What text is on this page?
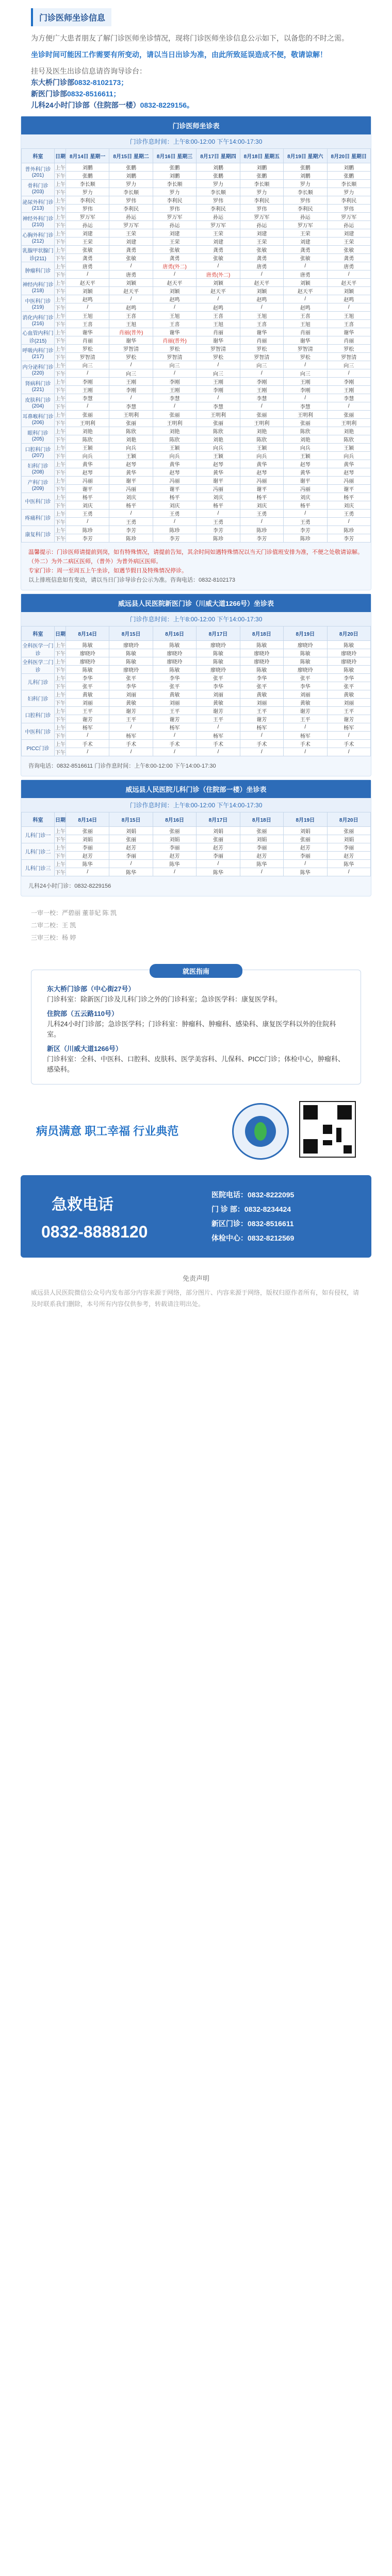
门诊医师坐诊信息

为方便广大患者朋友了解门诊医师坐诊情况，现将门诊医师坐诊信息公示如下，以备您的不时之需。

坐诊时间可能因工作需要有所变动，请以当日出诊为准，由此所致延误造成不便，敬请谅解！

挂号及医生出诊信息请咨询导诊台：

东大桥门诊部0832-8102173；
新医门诊部0832-8516611；
儿科24小时门诊部（住院部一楼）0832-8229156。
门诊医师坐诊表
门诊作息时间：上午8:00-12:00 下午14:00-17:30
科室	日期	8月14日 星期一	8月15日 星期二	8月16日 星期三	8月17日 星期四	8月18日 星期五	8月19日 星期六	8月20日 星期日
普外科门诊(201)	上午	刘鹏	张鹏	张鹏	刘鹏	刘鹏	张鹏	刘鹏
	下午	张鹏	刘鹏	刘鹏	张鹏	张鹏	刘鹏	张鹏
骨科门诊(203)	上午	李长顺	罗力	李长顺	罗力	李长顺	罗力	李长顺
	下午	罗力	李长顺	罗力	李长顺	罗力	李长顺	罗力
泌尿外科门诊(213)	上午	李利民	罗伟	李利民	罗伟	李利民	罗伟	李利民
	下午	罗伟	李利民	罗伟	李利民	罗伟	李利民	罗伟
神经外科门诊(210)	上午	罗万军	孙运	罗万军	孙运	罗万军	孙运	罗万军
	下午	孙运	罗万军	孙运	罗万军	孙运	罗万军	孙运
心胸外科门诊(212)	上午	刘建	王荣	刘建	王荣	刘建	王荣	刘建
	下午	王荣	刘建	王荣	刘建	王荣	刘建	王荣
乳腺甲状腺门诊(211)	上午	张敏	龚勇	张敏	龚勇	张敏	龚勇	张敏
	下午	龚勇	张敏	龚勇	张敏	龚勇	张敏	龚勇
肿瘤科门诊	上午	唐勇	/	唐勇(外二)	/	唐勇	/	唐勇
	下午	/	唐勇	/	唐勇(外二)	/	唐勇	/
神经内科门诊(218)	上午	赵天平	刘颖	赵天平	刘颖	赵天平	刘颖	赵天平
	下午	刘颖	赵天平	刘颖	赵天平	刘颖	赵天平	刘颖
中医科门诊(219)	上午	赵鸣	/	赵鸣	/	赵鸣	/	赵鸣
	下午	/	赵鸣	/	赵鸣	/	赵鸣	/
消化内科门诊(216)	上午	王旭	王喜	王旭	王喜	王旭	王喜	王旭
	下午	王喜	王旭	王喜	王旭	王喜	王旭	王喜
心血管内科门诊(215)	上午	谢华	肖丽(普外)	谢华	肖丽	谢华	肖丽	谢华
	下午	肖丽	谢华	肖丽(普外)	谢华	肖丽	谢华	肖丽
呼吸内科门诊(217)	上午	罗松	罗智清	罗松	罗智清	罗松	罗智清	罗松
	下午	罗智清	罗松	罗智清	罗松	罗智清	罗松	罗智清
内分泌科门诊(220)	上午	向三	/	向三	/	向三	/	向三
	下午	/	向三	/	向三	/	向三	/
肾病科门诊(221)	上午	李刚	王刚	李刚	王刚	李刚	王刚	李刚
	下午	王刚	李刚	王刚	李刚	王刚	李刚	王刚
皮肤科门诊(204)	上午	李慧	/	李慧	/	李慧	/	李慧
	下午	/	李慧	/	李慧	/	李慧	/
耳鼻喉科门诊(206)	上午	张丽	王明利	张丽	王明利	张丽	王明利	张丽
	下午	王明利	张丽	王明利	张丽	王明利	张丽	王明利
眼科门诊(205)	上午	刘艳	陈欣	刘艳	陈欣	刘艳	陈欣	刘艳
	下午	陈欣	刘艳	陈欣	刘艳	陈欣	刘艳	陈欣
口腔科门诊(207)	上午	王颖	向兵	王颖	向兵	王颖	向兵	王颖
	下午	向兵	王颖	向兵	王颖	向兵	王颖	向兵
妇科门诊(208)	上午	黄华	赵琴	黄华	赵琴	黄华	赵琴	黄华
	下午	赵琴	黄华	赵琴	黄华	赵琴	黄华	赵琴
产科门诊(209)	上午	冯丽	谢平	冯丽	谢平	冯丽	谢平	冯丽
	下午	谢平	冯丽	谢平	冯丽	谢平	冯丽	谢平
中医科门诊	上午	杨平	刘庆	杨平	刘庆	杨平	刘庆	杨平
	下午	刘庆	杨平	刘庆	杨平	刘庆	杨平	刘庆
疼痛科门诊	上午	王勇	/	王勇	/	王勇	/	王勇
	下午	/	王勇	/	王勇	/	王勇	/
康复科门诊	上午	陈珍	李芳	陈珍	李芳	陈珍	李芳	陈珍
	下午	李芳	陈珍	李芳	陈珍	李芳	陈珍	李芳

温馨提示：门诊医师请提前到岗，如有特殊情况，请提前告知，其余时间如遇特殊情况以当天门诊值班安排为准，不便之处敬请谅解。

（外二）为外二病区医师，（普外）为普外病区医师。

专家门诊：周一至周五上午坐诊，如遇节假日及特殊情况停诊。

以上排班信息如有变动，请以当日门诊导诊台公示为准。咨询电话：0832-8102173

威远县人民医院新医门诊（川威大道1266号）坐诊表
门诊作息时间：上午8:00-12:00 下午14:00-17:30
科室	日期	8月14日	8月15日	8月16日	8月17日	8月18日	8月19日	8月20日
全科医学一门诊	上午	陈敏	廖晓玲	陈敏	廖晓玲	陈敏	廖晓玲	陈敏
	下午	廖晓玲	陈敏	廖晓玲	陈敏	廖晓玲	陈敏	廖晓玲
全科医学二门诊	上午	廖晓玲	陈敏	廖晓玲	陈敏	廖晓玲	陈敏	廖晓玲
	下午	陈敏	廖晓玲	陈敏	廖晓玲	陈敏	廖晓玲	陈敏
儿科门诊	上午	李华	张平	李华	张平	李华	张平	李华
	下午	张平	李华	张平	李华	张平	李华	张平
妇科门诊	上午	黄敏	刘丽	黄敏	刘丽	黄敏	刘丽	黄敏
	下午	刘丽	黄敏	刘丽	黄敏	刘丽	黄敏	刘丽
口腔科门诊	上午	王平	谢芳	王平	谢芳	王平	谢芳	王平
	下午	谢芳	王平	谢芳	王平	谢芳	王平	谢芳
中医科门诊	上午	杨军	/	杨军	/	杨军	/	杨军
	下午	/	杨军	/	杨军	/	杨军	/
PICC门诊	上午	手术	手术	手术	手术	手术	手术	手术
	下午	/	/	/	/	/	/	/

咨询电话：0832-8516611 门诊作息时间：上午8:00-12:00 下午14:00-17:30

威远县人民医院儿科门诊（住院部一楼）坐诊表
门诊作息时间：上午8:00-12:00 下午14:00-17:30
科室	日期	8月14日	8月15日	8月16日	8月17日	8月18日	8月19日	8月20日
儿科门诊一	上午	张丽	刘娟	张丽	刘娟	张丽	刘娟	张丽
	下午	刘娟	张丽	刘娟	张丽	刘娟	张丽	刘娟
儿科门诊二	上午	李丽	赵芳	李丽	赵芳	李丽	赵芳	李丽
	下午	赵芳	李丽	赵芳	李丽	赵芳	李丽	赵芳
儿科门诊三	上午	陈华	/	陈华	/	陈华	/	陈华
	下午	/	陈华	/	陈华	/	陈华	/

儿科24小时门诊：0832-8229156

一审一校：严碧丽 董菲妃 陈 凯

二审二校：王 凯

三审三校：杨 婷

就医指南

东大桥门诊部（中心街27号）

门诊科室：除新医门诊及儿科门诊之外的门诊科室；急诊医学科：康复医学科。

住院部（五云路110号）

儿科24小时门诊部；急诊医学科；门诊科室：肿瘤科、肿瘤科、感染科、康复医学科以外的住院科室。

新区（川威大道1266号）

门诊科室：全科、中医科、口腔科、皮肤科、医学美容科、儿保科、PICC门诊；体检中心，肿瘤科、感染科。

病员满意 职工幸福 行业典范
急救电话
0832-8888120
医院电话：0832-8222095
门 诊 部：0832-8234424
新区门诊：0832-8516611
体检中心：0832-8212569

免责声明

威远县人民医院微信公众号内发布部分内容来源于网络，部分图片、内容来源于网络，版权归原作者所有，如有侵权，请及时联系我们删除，本号所有内容仅供参考，转载请注明出处。
